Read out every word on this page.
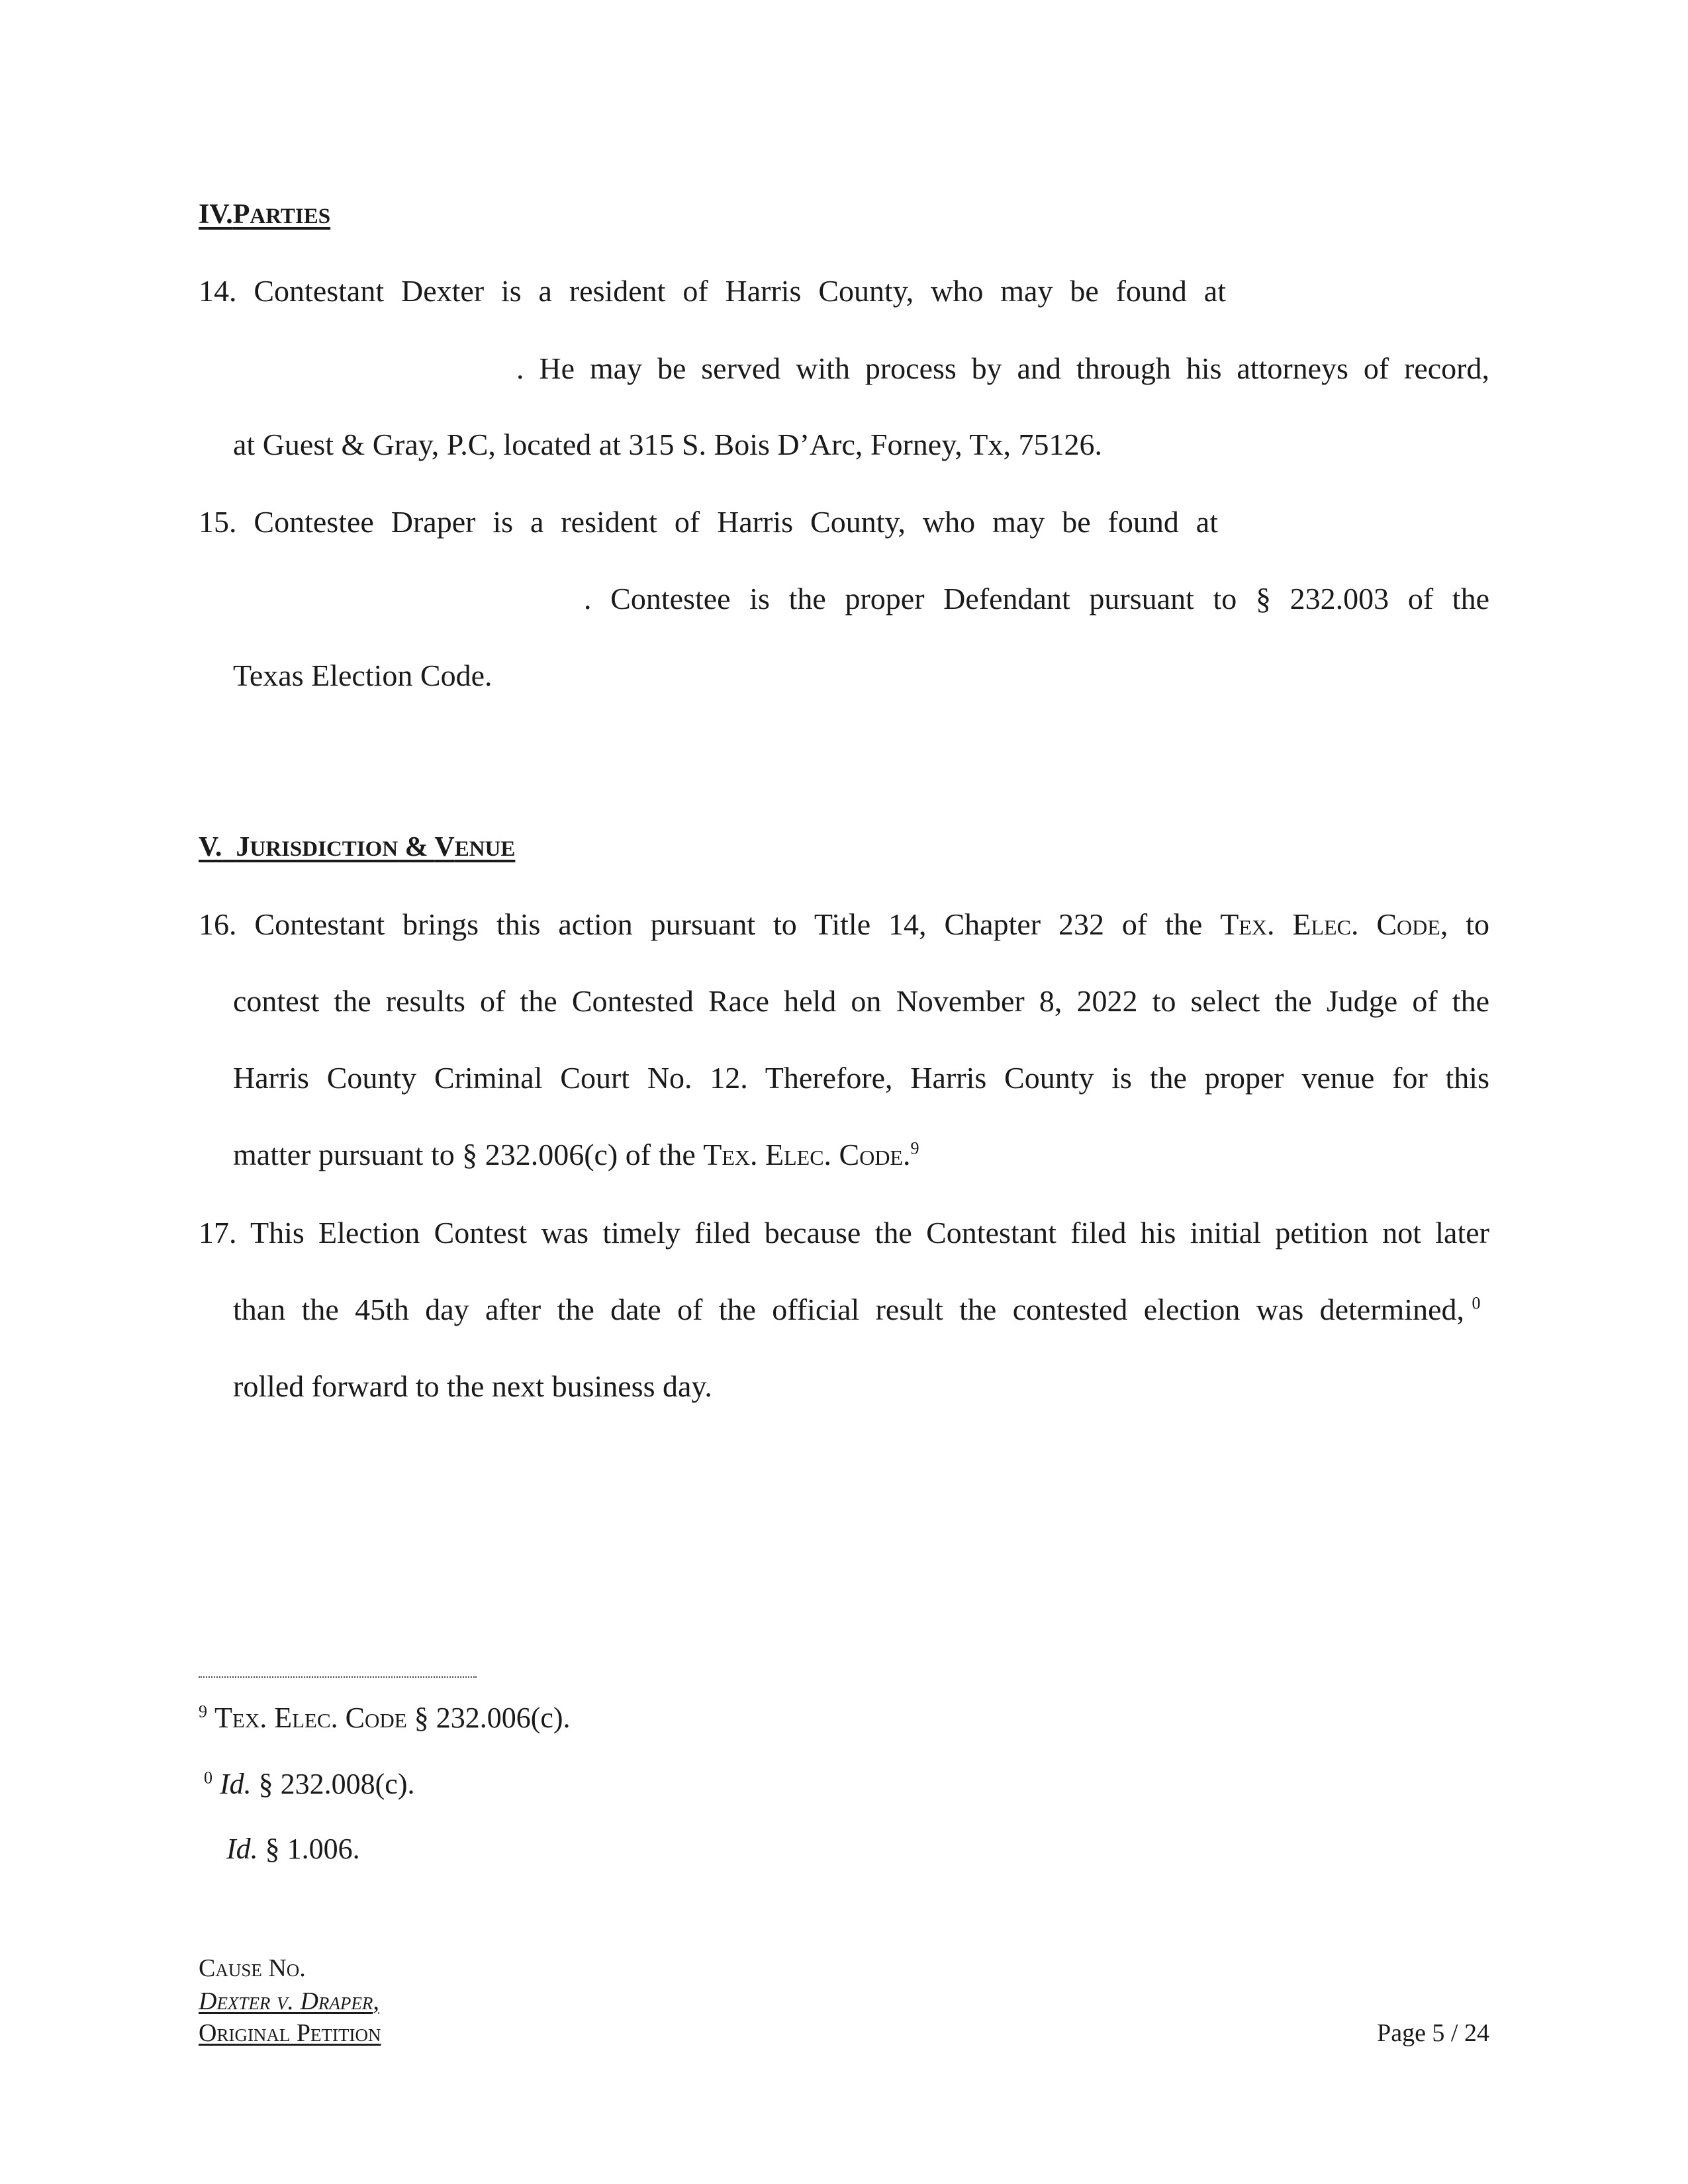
IV.PARTIES
14. Contestant Dexter is a resident of Harris County, who may be found at
. He may be served with process by and through his attorneys of record,
at Guest & Gray, P.C, located at 315 S. Bois D’Arc, Forney, Tx, 75126.
15. Contestee Draper is a resident of Harris County, who may be found at
. Contestee is the proper Defendant pursuant to § 232.003 of the
Texas Election Code.
V. JURISDICTION & VENUE
16. Contestant brings this action pursuant to Title 14, Chapter 232 of the Tex. Elec. Code, to
contest the results of the Contested Race held on November 8, 2022 to select the Judge of the
Harris County Criminal Court No. 12. Therefore, Harris County is the proper venue for this
matter pursuant to § 232.006(c) of the Tex. Elec. Code.$^9$
17. This Election Contest was timely filed because the Contestant filed his initial petition not later
than the 45th day after the date of the official result the contested election was determined, $^0$
rolled forward to the next business day.
$^9$ Tex. Elec. Code § 232.006(c).
$^0$ Id. § 232.008(c).
Id. § 1.006.
Cause No.
Dexter v. Draper,
Original Petition	Page 5 / 24
